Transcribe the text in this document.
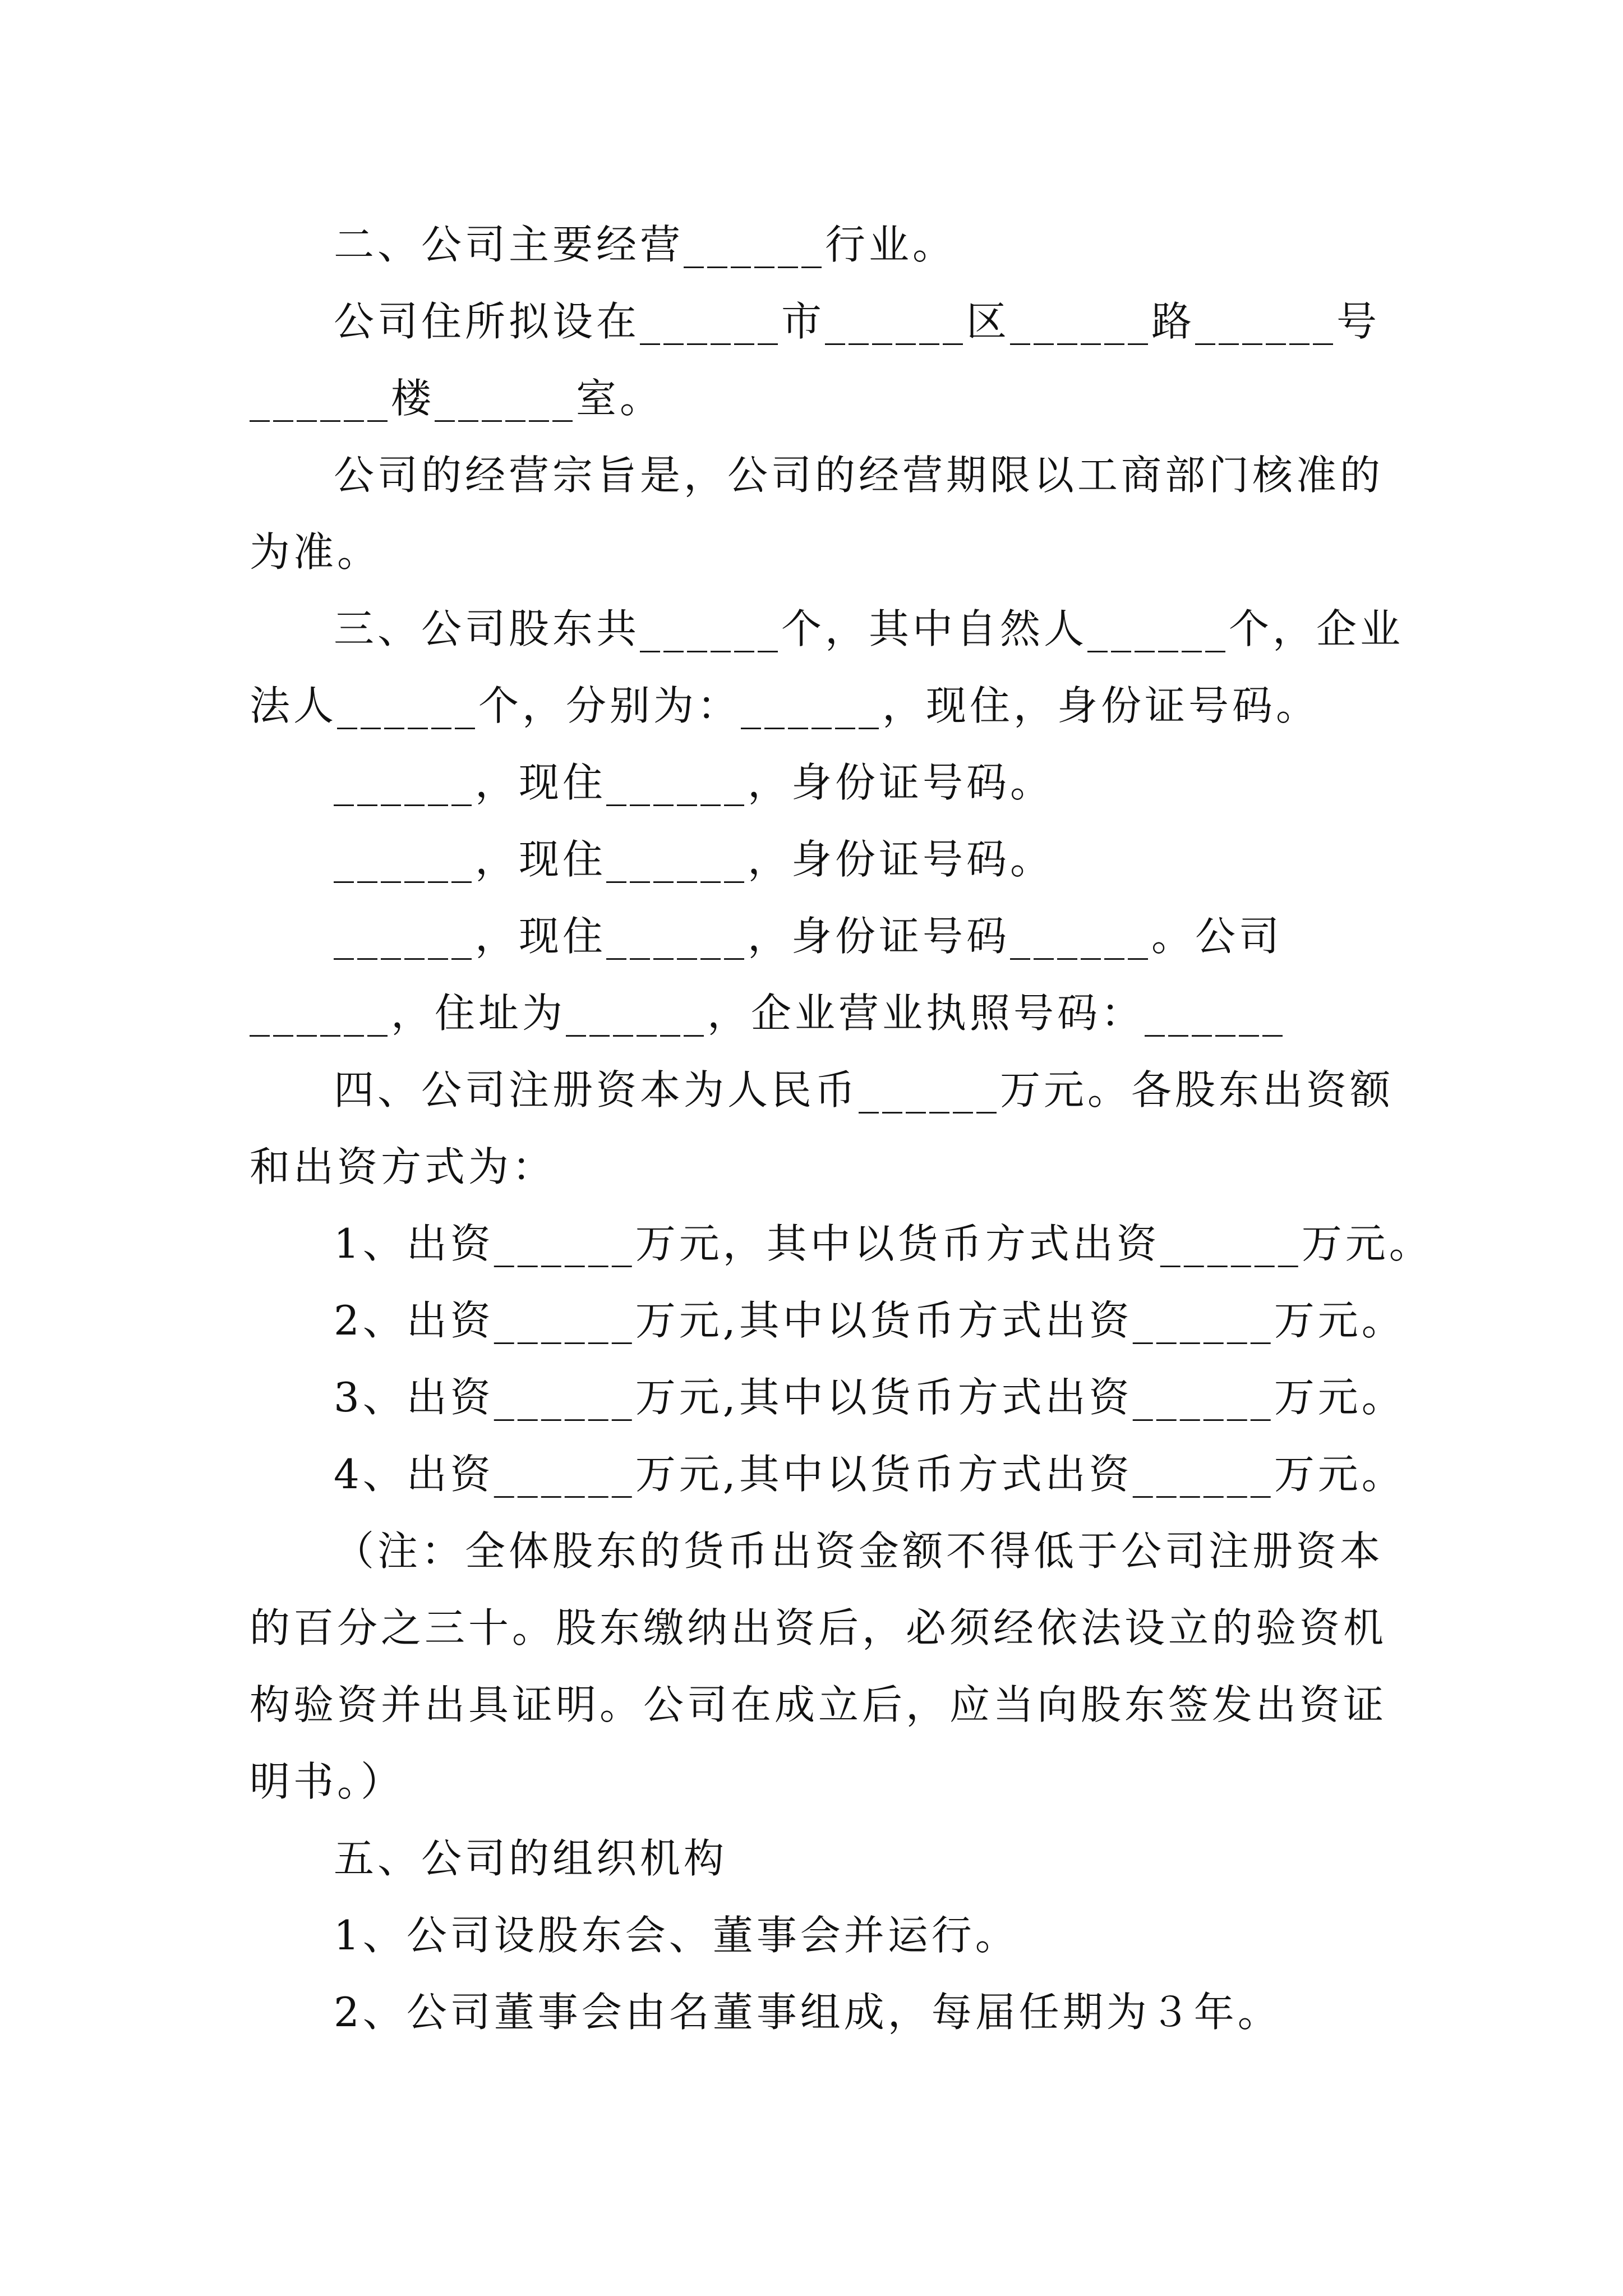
二、公司主要经营______行业。
公司住所拟设在______市______区______路______号
______楼______室。
公司的经营宗旨是，公司的经营期限以工商部门核准的
为准。
三、公司股东共______个，其中自然人______个，企业
法人______个，分别为：______，现住，身份证号码。
______，现住______，身份证号码。
______，现住______，身份证号码。
______，现住______，身份证号码______。公司
______，住址为______，企业营业执照号码：______
四、公司注册资本为人民币______万元。各股东出资额
和出资方式为：
1、出资______万元，其中以货币方式出资______万元。
2、出资______万元,其中以货币方式出资______万元。
3、出资______万元,其中以货币方式出资______万元。
4、出资______万元,其中以货币方式出资______万元。
（注：全体股东的货币出资金额不得低于公司注册资本
的百分之三十。股东缴纳出资后，必须经依法设立的验资机
构验资并出具证明。公司在成立后，应当向股东签发出资证
明书。）
五、公司的组织机构
1、公司设股东会、董事会并运行。
2、公司董事会由名董事组成，每届任期为３年。
